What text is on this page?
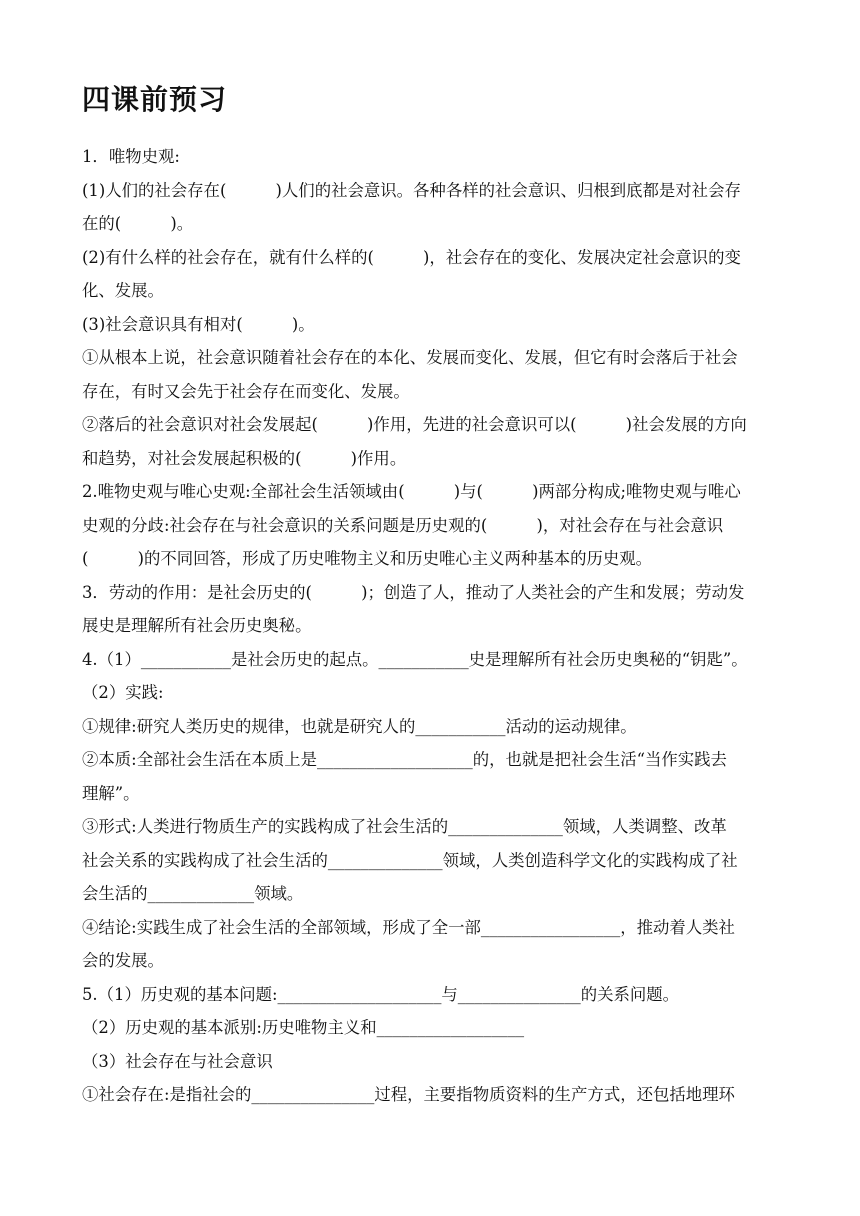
四课前预习
1．唯物史观:
(1)人们的社会存在(　　　)人们的社会意识。各种各样的社会意识、归根到底都是对社会存
在的(　　　)。
(2)有什么样的社会存在，就有什么样的(　　　)，社会存在的变化、发展决定社会意识的变
化、发展。
(3)社会意识具有相对(　　　)。
①从根本上说，社会意识随着社会存在的本化、发展而变化、发展，但它有时会落后于社会
存在，有时又会先于社会存在而变化、发展。
②落后的社会意识对社会发展起(　　　)作用，先进的社会意识可以(　　　)社会发展的方向
和趋势，对社会发展起积极的(　　　)作用。
2.唯物史观与唯心史观:全部社会生活领域由(　　　)与(　　　)两部分构成;唯物史观与唯心
史观的分歧:社会存在与社会意识的关系问题是历史观的(　　　)，对社会存在与社会意识
(　　　)的不同回答，形成了历史唯物主义和历史唯心主义两种基本的历史观。
3．劳动的作用：是社会历史的(　　　)；创造了人，推动了人类社会的产生和发展；劳动发
展史是理解所有社会历史奥秘。
4.（1）___________是社会历史的起点。___________史是理解所有社会历史奥秘的“钥匙”。
（2）实践:
①规律:研究人类历史的规律，也就是研究人的___________活动的运动规律。
②本质:全部社会生活在本质上是___________________的，也就是把社会生活“当作实践去
理解”。
③形式:人类进行物质生产的实践构成了社会生活的______________领域，人类调整、改革
社会关系的实践构成了社会生活的______________领域，人类创造科学文化的实践构成了社
会生活的_____________领域。
④结论:实践生成了社会生活的全部领域，形成了全一部_________________，推动着人类社
会的发展。
5.（1）历史观的基本问题:____________________与_______________的关系问题。
（2）历史观的基本派别:历史唯物主义和__________________
（3）社会存在与社会意识
①社会存在:是指社会的_______________过程，主要指物质资料的生产方式，还包括地理环
